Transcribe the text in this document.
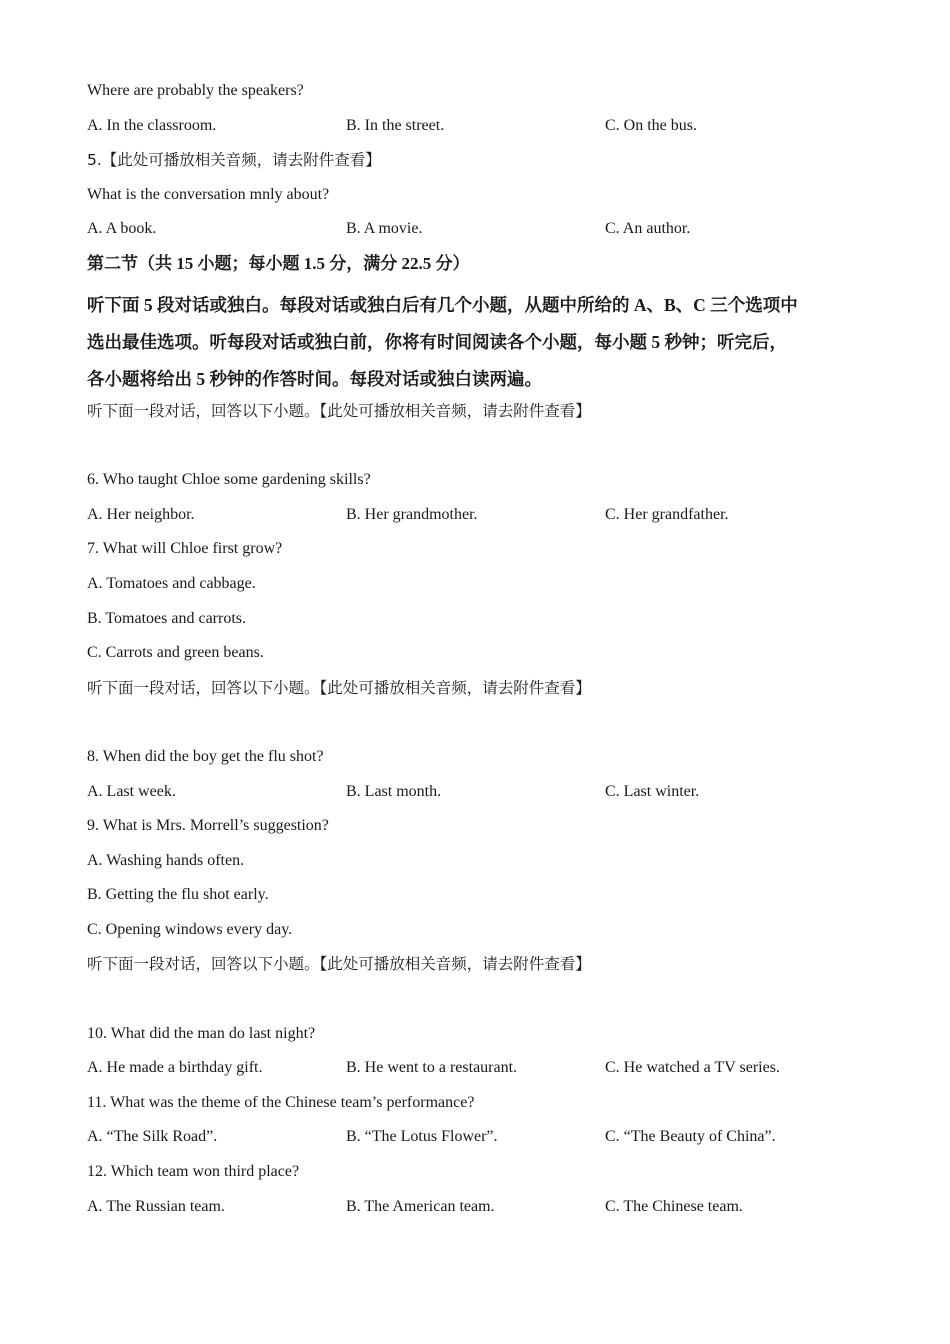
Where are probably the speakers?
A. In the classroom.	B. In the street.	C. On the bus.
5.【此处可播放相关音频，请去附件查看】
What is the conversation mnly about?
A. A book.	B. A movie.	C. An author.
第二节（共 15 小题；每小题 1.5 分，满分 22.5 分）
听下面 5 段对话或独白。每段对话或独白后有几个小题，从题中所给的 A、B、C 三个选项中
选出最佳选项。听每段对话或独白前，你将有时间阅读各个小题，每小题 5 秒钟；听完后，
各小题将给出 5 秒钟的作答时间。每段对话或独白读两遍。
听下面一段对话，回答以下小题。【此处可播放相关音频，请去附件查看】
6. Who taught Chloe some gardening skills?
A. Her neighbor.	B. Her grandmother.	C. Her grandfather.
7. What will Chloe first grow?
A. Tomatoes and cabbage.
B. Tomatoes and carrots.
C. Carrots and green beans.
听下面一段对话，回答以下小题。【此处可播放相关音频，请去附件查看】
8. When did the boy get the flu shot?
A. Last week.	B. Last month.	C. Last winter.
9. What is Mrs. Morrell’s suggestion?
A. Washing hands often.
B. Getting the flu shot early.
C. Opening windows every day.
听下面一段对话，回答以下小题。【此处可播放相关音频，请去附件查看】
10. What did the man do last night?
A. He made a birthday gift.	B. He went to a restaurant.	C. He watched a TV series.
11. What was the theme of the Chinese team’s performance?
A. “The Silk Road”.	B. “The Lotus Flower”.	C. “The Beauty of China”.
12. Which team won third place?
A. The Russian team.	B. The American team.	C. The Chinese team.
